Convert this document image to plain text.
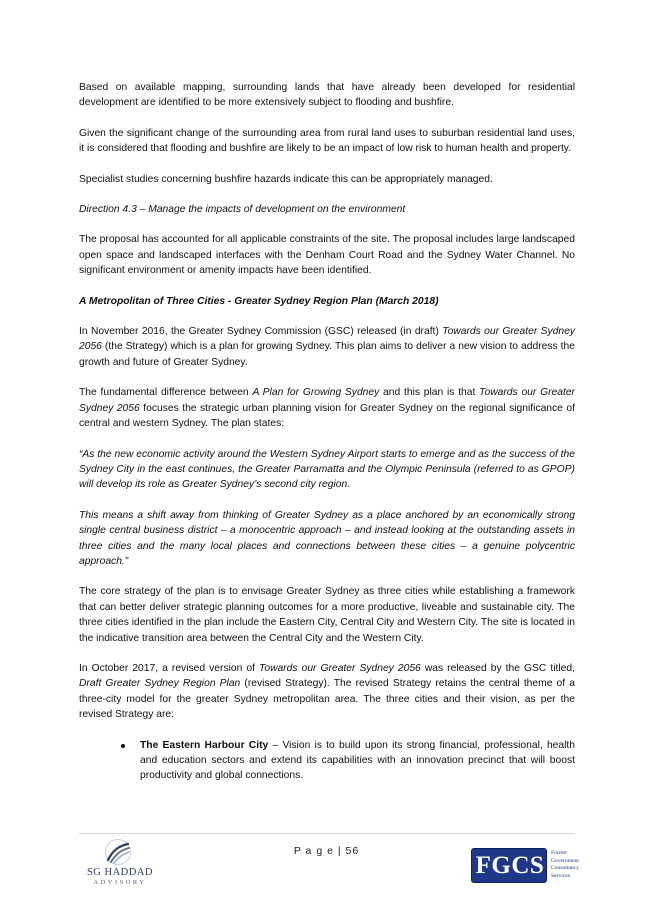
Based on available mapping, surrounding lands that have already been developed for residential development are identified to be more extensively subject to flooding and bushfire.

Given the significant change of the surrounding area from rural land uses to suburban residential land uses, it is considered that flooding and bushfire are likely to be an impact of low risk to human health and property.

Specialist studies concerning bushfire hazards indicate this can be appropriately managed.

Direction 4.3 – Manage the impacts of development on the environment

The proposal has accounted for all applicable constraints of the site. The proposal includes large landscaped open space and landscaped interfaces with the Denham Court Road and the Sydney Water Channel. No significant environment or amenity impacts have been identified.

A Metropolitan of Three Cities - Greater Sydney Region Plan (March 2018)

In November 2016, the Greater Sydney Commission (GSC) released (in draft) Towards our Greater Sydney 2056 (the Strategy) which is a plan for growing Sydney. This plan aims to deliver a new vision to address the growth and future of Greater Sydney.

The fundamental difference between A Plan for Growing Sydney and this plan is that Towards our Greater Sydney 2056 focuses the strategic urban planning vision for Greater Sydney on the regional significance of central and western Sydney. The plan states:

“As the new economic activity around the Western Sydney Airport starts to emerge and as the success of the Sydney City in the east continues, the Greater Parramatta and the Olympic Peninsula (referred to as GPOP) will develop its role as Greater Sydney’s second city region.

This means a shift away from thinking of Greater Sydney as a place anchored by an economically strong single central business district – a monocentric approach – and instead looking at the outstanding assets in three cities and the many local places and connections between these cities – a genuine polycentric approach.”

The core strategy of the plan is to envisage Greater Sydney as three cities while establishing a framework that can better deliver strategic planning outcomes for a more productive, liveable and sustainable city. The three cities identified in the plan include the Eastern City, Central City and Western City. The site is located in the indicative transition area between the Central City and the Western City.

In October 2017, a revised version of Towards our Greater Sydney 2056 was released by the GSC titled, Draft Greater Sydney Region Plan (revised Strategy). The revised Strategy retains the central theme of a three-city model for the greater Sydney metropolitan area. The three cities and their vision, as per the revised Strategy are:

The Eastern Harbour City – Vision is to build upon its strong financial, professional, health and education sectors and extend its capabilities with an innovation precinct that will boost productivity and global connections.
P a g e | 56
SG HADDAD
ADVISORY
FGCS	Forrest
Government
Consultancy
Services
